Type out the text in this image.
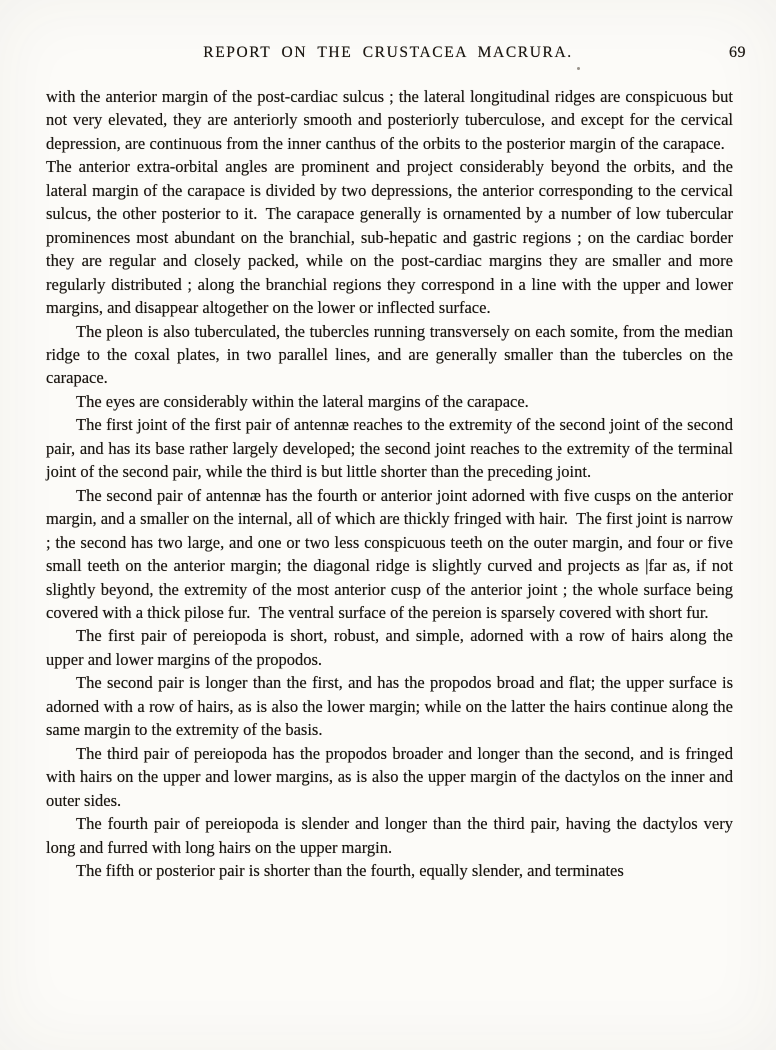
REPORT ON THE CRUSTACEA MACRURA.	69

with the anterior margin of the post-cardiac sulcus ; the lateral longitudinal ridges are conspicuous but not very elevated, they are anteriorly smooth and posteriorly tuberculose, and except for the cervical depression, are continuous from the inner canthus of the orbits to the posterior margin of the carapace. The anterior extra-orbital angles are prominent and project considerably beyond the orbits, and the lateral margin of the carapace is divided by two depressions, the anterior corresponding to the cervical sulcus, the other posterior to it. The carapace generally is ornamented by a number of low tubercular prominences most abundant on the branchial, sub-hepatic and gastric regions ; on the cardiac border they are regular and closely packed, while on the post-cardiac margins they are smaller and more regularly distributed ; along the branchial regions they correspond in a line with the upper and lower margins, and disappear altogether on the lower or inflected surface.

The pleon is also tuberculated, the tubercles running transversely on each somite, from the median ridge to the coxal plates, in two parallel lines, and are generally smaller than the tubercles on the carapace.

The eyes are considerably within the lateral margins of the carapace.

The first joint of the first pair of antennæ reaches to the extremity of the second joint of the second pair, and has its base rather largely developed; the second joint reaches to the extremity of the terminal joint of the second pair, while the third is but little shorter than the preceding joint.

The second pair of antennæ has the fourth or anterior joint adorned with five cusps on the anterior margin, and a smaller on the internal, all of which are thickly fringed with hair. The first joint is narrow ; the second has two large, and one or two less conspicuous teeth on the outer margin, and four or five small teeth on the anterior margin; the diagonal ridge is slightly curved and projects as |far as, if not slightly beyond, the extremity of the most anterior cusp of the anterior joint ; the whole surface being covered with a thick pilose fur. The ventral surface of the pereion is sparsely covered with short fur.

The first pair of pereiopoda is short, robust, and simple, adorned with a row of hairs along the upper and lower margins of the propodos.

The second pair is longer than the first, and has the propodos broad and flat; the upper surface is adorned with a row of hairs, as is also the lower margin; while on the latter the hairs continue along the same margin to the extremity of the basis.

The third pair of pereiopoda has the propodos broader and longer than the second, and is fringed with hairs on the upper and lower margins, as is also the upper margin of the dactylos on the inner and outer sides.

The fourth pair of pereiopoda is slender and longer than the third pair, having the dactylos very long and furred with long hairs on the upper margin.

The fifth or posterior pair is shorter than the fourth, equally slender, and terminates
